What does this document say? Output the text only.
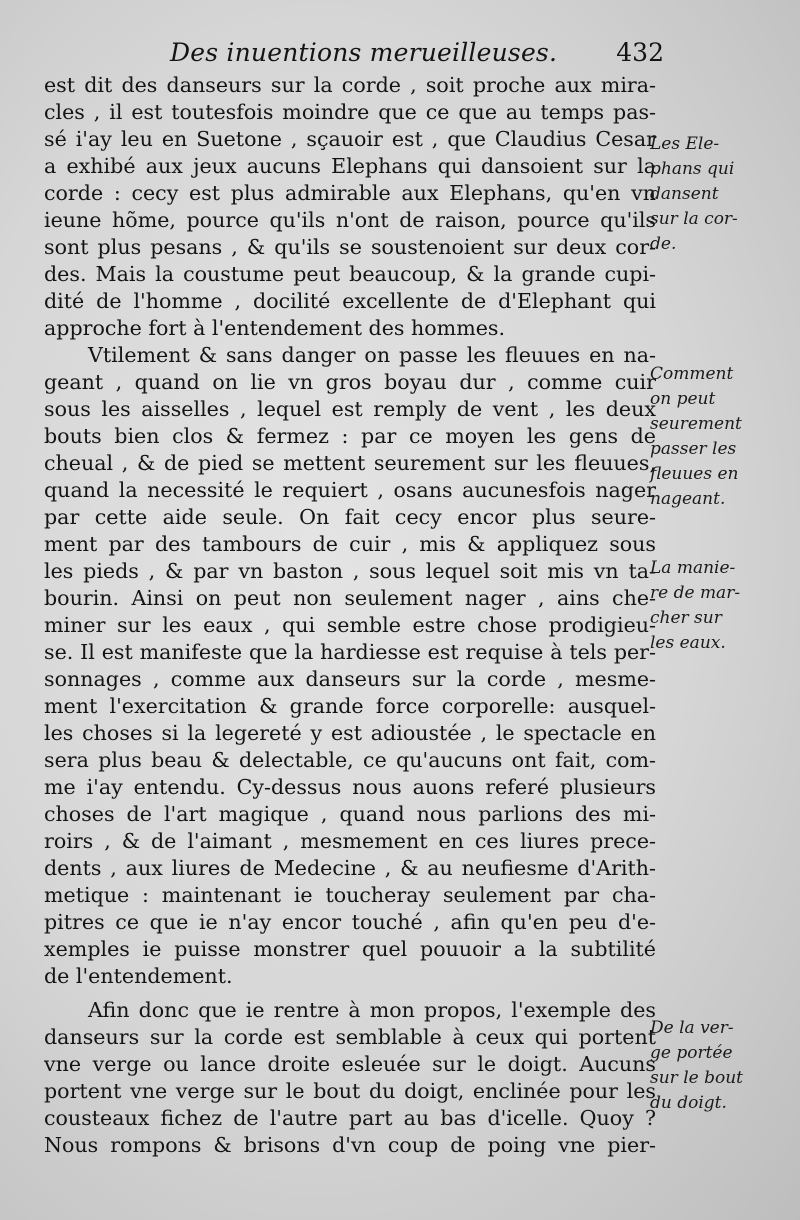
Des inuentions merueilleuses. 432
est dit des danseurs sur la corde , soit proche aux mira-
cles , il est toutesfois moindre que ce que au temps pas-
sé i'ay leu en Suetone , sçauoir est , que Claudius Cesar
a exhibé aux jeux aucuns Elephans qui dansoient sur la
corde : cecy est plus admirable aux Elephans, qu'en vn
ieune hõme, pource qu'ils n'ont de raison, pource qu'ils
sont plus pesans , & qu'ils se soustenoient sur deux cor-
des. Mais la coustume peut beaucoup, & la grande cupi-
dité de l'homme , docilité excellente de d'Elephant qui
approche fort à l'entendement des hommes.
Vtilement & sans danger on passe les fleuues en na-
geant , quand on lie vn gros boyau dur , comme cuir
sous les aisselles , lequel est remply de vent , les deux
bouts bien clos & fermez : par ce moyen les gens de
cheual , & de pied se mettent seurement sur les fleuues,
quand la necessité le requiert , osans aucunesfois nager
par cette aide seule. On fait cecy encor plus seure-
ment par des tambours de cuir , mis & appliquez sous
les pieds , & par vn baston , sous lequel soit mis vn ta-
bourin. Ainsi on peut non seulement nager , ains che-
miner sur les eaux , qui semble estre chose prodigieu-
se. Il est manifeste que la hardiesse est requise à tels per-
sonnages , comme aux danseurs sur la corde , mesme-
ment l'exercitation & grande force corporelle: ausquel-
les choses si la legereté y est adioustée , le spectacle en
sera plus beau & delectable, ce qu'aucuns ont fait, com-
me i'ay entendu. Cy-dessus nous auons referé plusieurs
choses de l'art magique , quand nous parlions des mi-
roirs , & de l'aimant , mesmement en ces liures prece-
dents , aux liures de Medecine , & au neufiesme d'Arith-
metique : maintenant ie toucheray seulement par cha-
pitres ce que ie n'ay encor touché , afin qu'en peu d'e-
xemples ie puisse monstrer quel pouuoir a la subtilité
de l'entendement.
Afin donc que ie rentre à mon propos, l'exemple des
danseurs sur la corde est semblable à ceux qui portent
vne verge ou lance droite esleuée sur le doigt. Aucuns
portent vne verge sur le bout du doigt, enclinée pour les
cousteaux fichez de l'autre part au bas d'icelle. Quoy ?
Nous rompons & brisons d'vn coup de poing vne pier-
Les Ele-
phans qui
dansent
sur la cor-
de.
Comment
on peut
seurement
passer les
fleuues en
nageant.
La manie-
re de mar-
cher sur
les eaux.
De la ver-
ge portée
sur le bout
du doigt.
